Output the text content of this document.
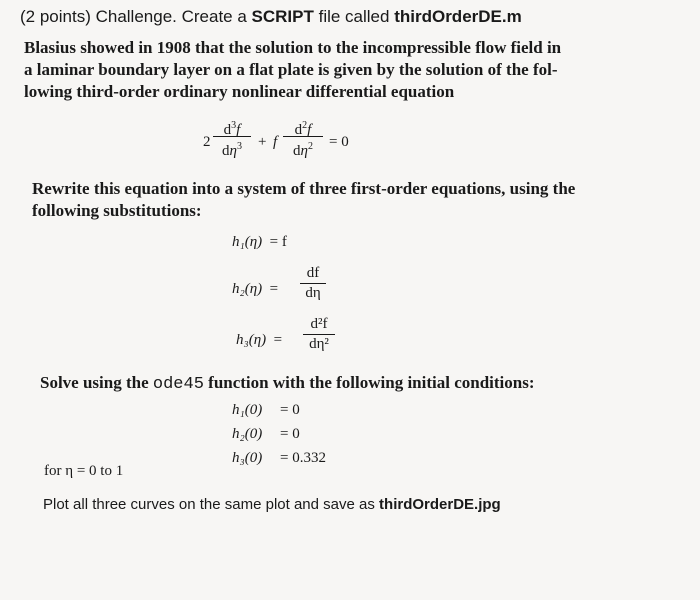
(2 points) Challenge. Create a SCRIPT file called thirdOrderDE.m
Blasius showed in 1908 that the solution to the incompressible flow field in
a laminar boundary layer on a flat plate is given by the solution of the fol-
lowing third-order ordinary nonlinear differential equation
2
$d^3f$
$d\eta^3$	+ f
$d^2f$
$d\eta^2$	= 0
Rewrite this equation into a system of three first-order equations, using the
following substitutions:
h₁(η) = f
h₂(η) =
df
dη
h₃(η) =
d²f
dη²
Solve using the ode45 function with the following initial conditions:
h₁(0) = 0
h₂(0) = 0
h₃(0) = 0.332
for η = 0 to 1
Plot all three curves on the same plot and save as thirdOrderDE.jpg
